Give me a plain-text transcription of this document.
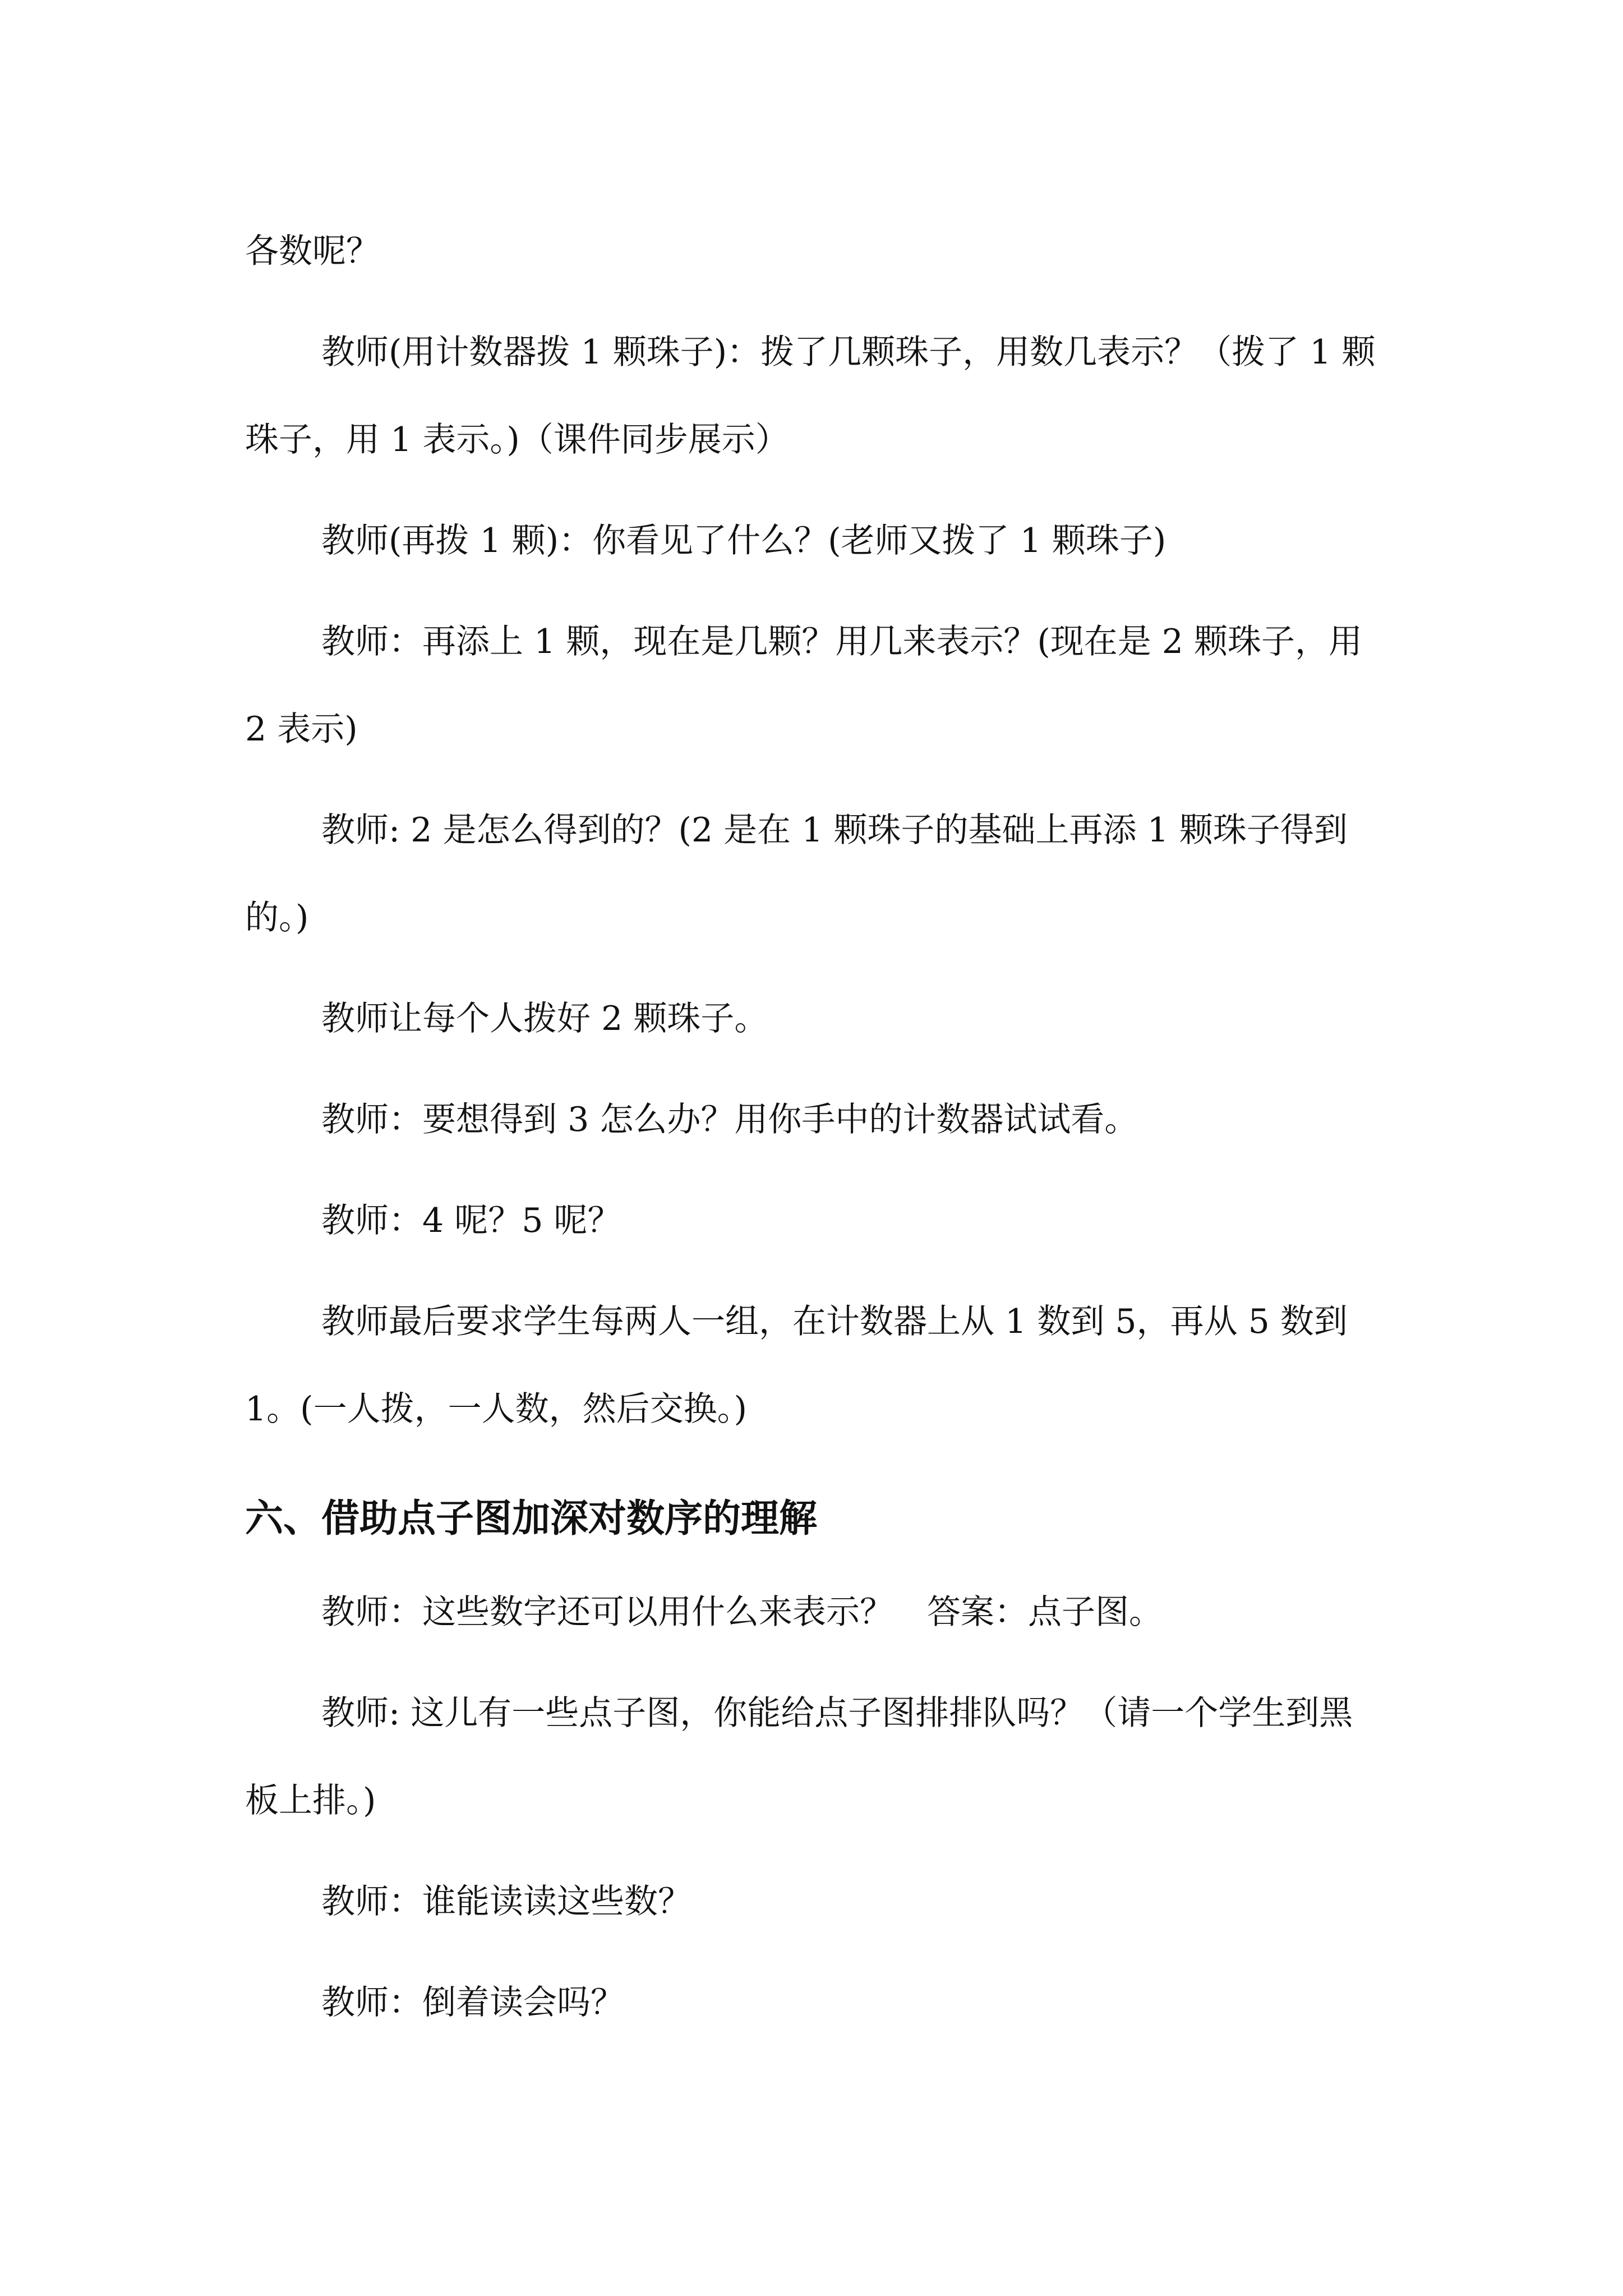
各数呢？

教师(用计数器拨 1 颗珠子)：拨了几颗珠子，用数几表示？（拨了 1 颗珠子，用 1 表示。)（课件同步展示）

教师(再拨 1 颗)：你看见了什么？(老师又拨了 1 颗珠子)

教师：再添上 1 颗，现在是几颗？用几来表示？(现在是 2 颗珠子，用 2 表示)

教师: 2 是怎么得到的？(2 是在 1 颗珠子的基础上再添 1 颗珠子得到的。)

教师让每个人拨好 2 颗珠子。

教师：要想得到 3 怎么办？用你手中的计数器试试看。

教师：4 呢？5 呢？

教师最后要求学生每两人一组，在计数器上从 1 数到 5，再从 5 数到 1。(一人拨，一人数，然后交换。)

六、借助点子图加深对数序的理解

教师：这些数字还可以用什么来表示？　答案：点子图。

教师: 这儿有一些点子图，你能给点子图排排队吗？（请一个学生到黑板上排。)

教师：谁能读读这些数？

教师：倒着读会吗？
